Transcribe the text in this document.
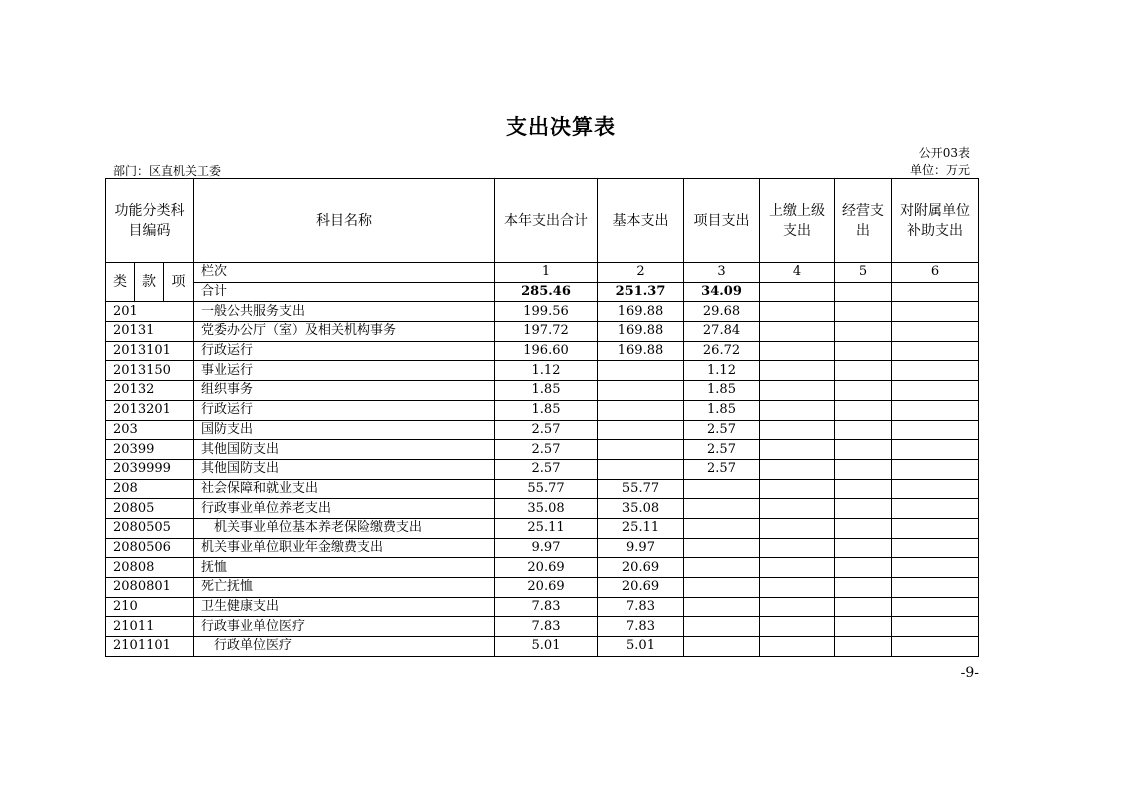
支出决算表
公开03表
部门：区直机关工委	单位：万元
功能分类科目编码			科目名称	本年支出合计	基本支出	项目支出	上缴上级支出	经营支出	对附属单位补助支出
类	款	项	栏次	1	2	3	4	5	6
			合计	285.46	251.37	34.09			
201			一般公共服务支出	199.56	169.88	29.68			
20131			党委办公厅（室）及相关机构事务	197.72	169.88	27.84			
2013101			行政运行	196.60	169.88	26.72			
2013150			事业运行	1.12		1.12			
20132			组织事务	1.85		1.85			
2013201			行政运行	1.85		1.85			
203			国防支出	2.57		2.57			
20399			其他国防支出	2.57		2.57			
2039999			其他国防支出	2.57		2.57			
208			社会保障和就业支出	55.77	55.77				
20805			行政事业单位养老支出	35.08	35.08				
2080505			机关事业单位基本养老保险缴费支出	25.11	25.11				
2080506			机关事业单位职业年金缴费支出	9.97	9.97				
20808			抚恤	20.69	20.69				
2080801			死亡抚恤	20.69	20.69				
210			卫生健康支出	7.83	7.83				
21011			行政事业单位医疗	7.83	7.83				
2101101			行政单位医疗	5.01	5.01				
-9-
